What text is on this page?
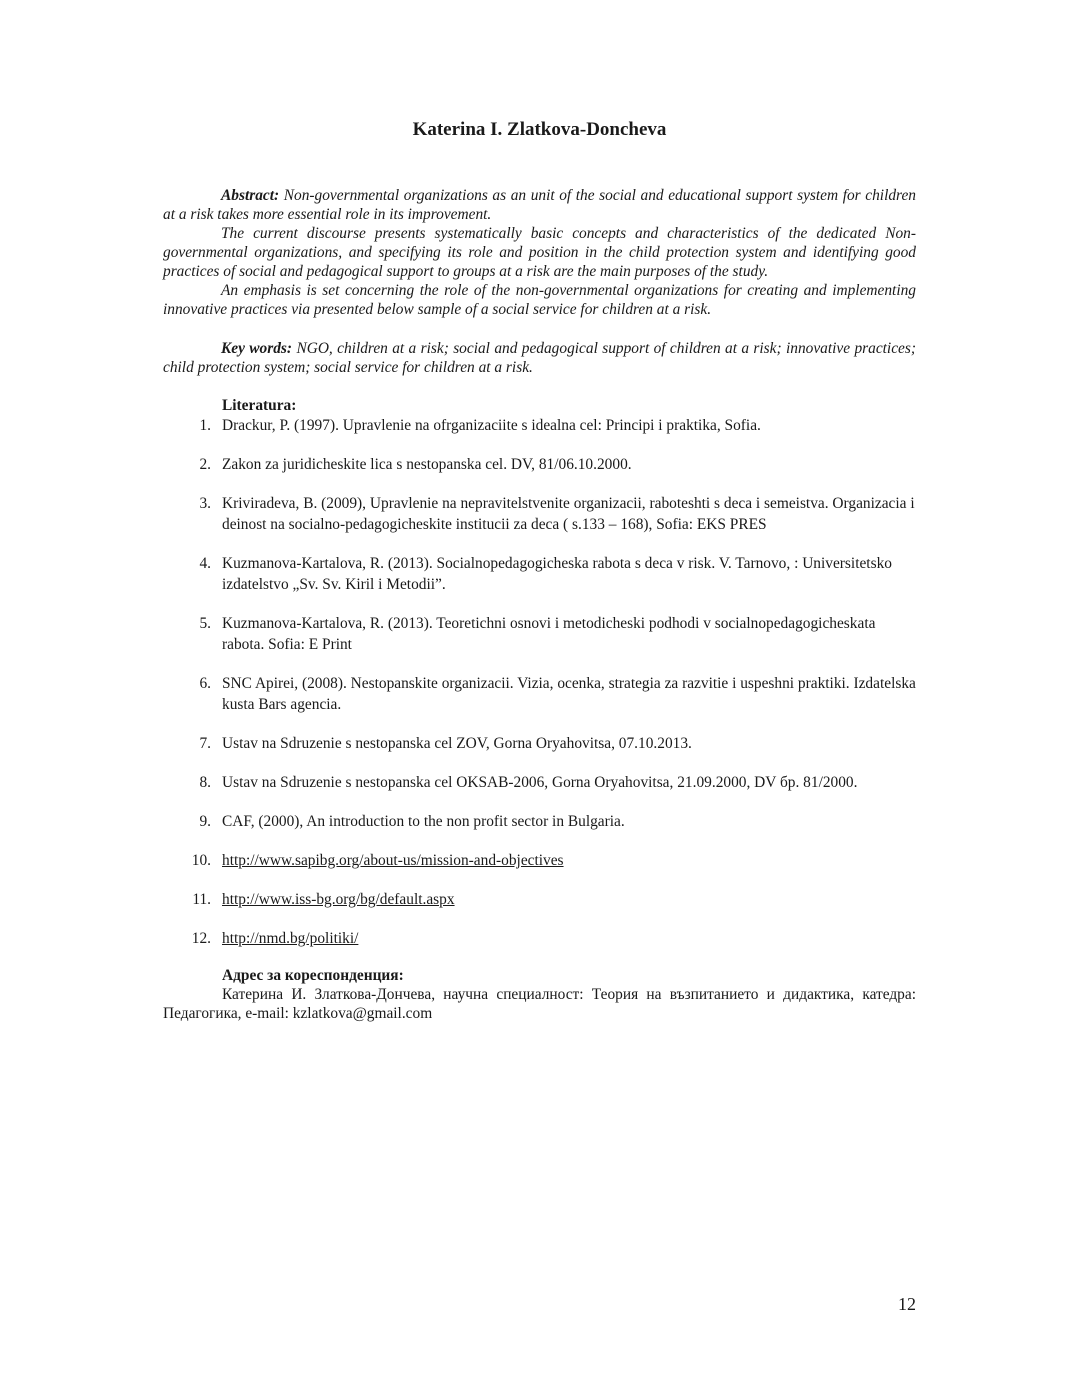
Katerina I. Zlatkova-Doncheva
Abstract: Non-governmental organizations as an unit of the social and educational support system for children at a risk takes more essential role in its improvement.
The current discourse presents systematically basic concepts and characteristics of the dedicated Non-governmental organizations, and specifying its role and position in the child protection system and identifying good practices of social and pedagogical support to groups at a risk are the main purposes of the study.
An emphasis is set concerning the role of the non-governmental organizations for creating and implementing innovative practices via presented below sample of a social service for children at a risk.
Key words: NGO, children at a risk; social and pedagogical support of children at a risk; innovative practices; child protection system; social service for children at a risk.
Literatura:
1. Drackur, P. (1997). Upravlenie na ofrganizaciite s idealna cel: Principi i praktika, Sofia.
2. Zakon za juridicheskite lica s nestopanska cel. DV, 81/06.10.2000.
3. Kriviradeva, B. (2009), Upravlenie na nepravitelstvenite organizacii, raboteshti s deca i semeistva. Organizacia i deinost na socialno-pedagogicheskite institucii za deca ( s.133 – 168), Sofia: EKS PRES
4. Kuzmanova-Kartalova, R. (2013). Socialnopedagogicheska rabota s deca v risk. V. Tarnovo, : Universitetsko izdatelstvo „Sv. Sv. Kiril i Metodii”.
5. Kuzmanova-Kartalova, R. (2013). Teoretichni osnovi i metodicheski podhodi v socialnopedagogicheskata rabota. Sofia: E Print
6. SNC Apirei, (2008). Nestopanskite organizacii. Vizia, ocenka, strategia za razvitie i uspeshni praktiki. Izdatelska kusta Bars agencia.
7. Ustav na Sdruzenie s nestopanska cel ZOV, Gorna Oryahovitsa, 07.10.2013.
8. Ustav na Sdruzenie s nestopanska cel OKSAB-2006, Gorna Oryahovitsa, 21.09.2000, DV бр. 81/2000.
9. CAF, (2000), An introduction to the non profit sector in Bulgaria.
10. http://www.sapibg.org/about-us/mission-and-objectives
11. http://www.iss-bg.org/bg/default.aspx
12. http://nmd.bg/politiki/
Адрес за кореспонденция:
Катерина И. Златкова-Дончева, научна специалност: Теория на възпитанието и дидактика, катедра: Педагогика, e-mail: kzlatkova@gmail.com
12
